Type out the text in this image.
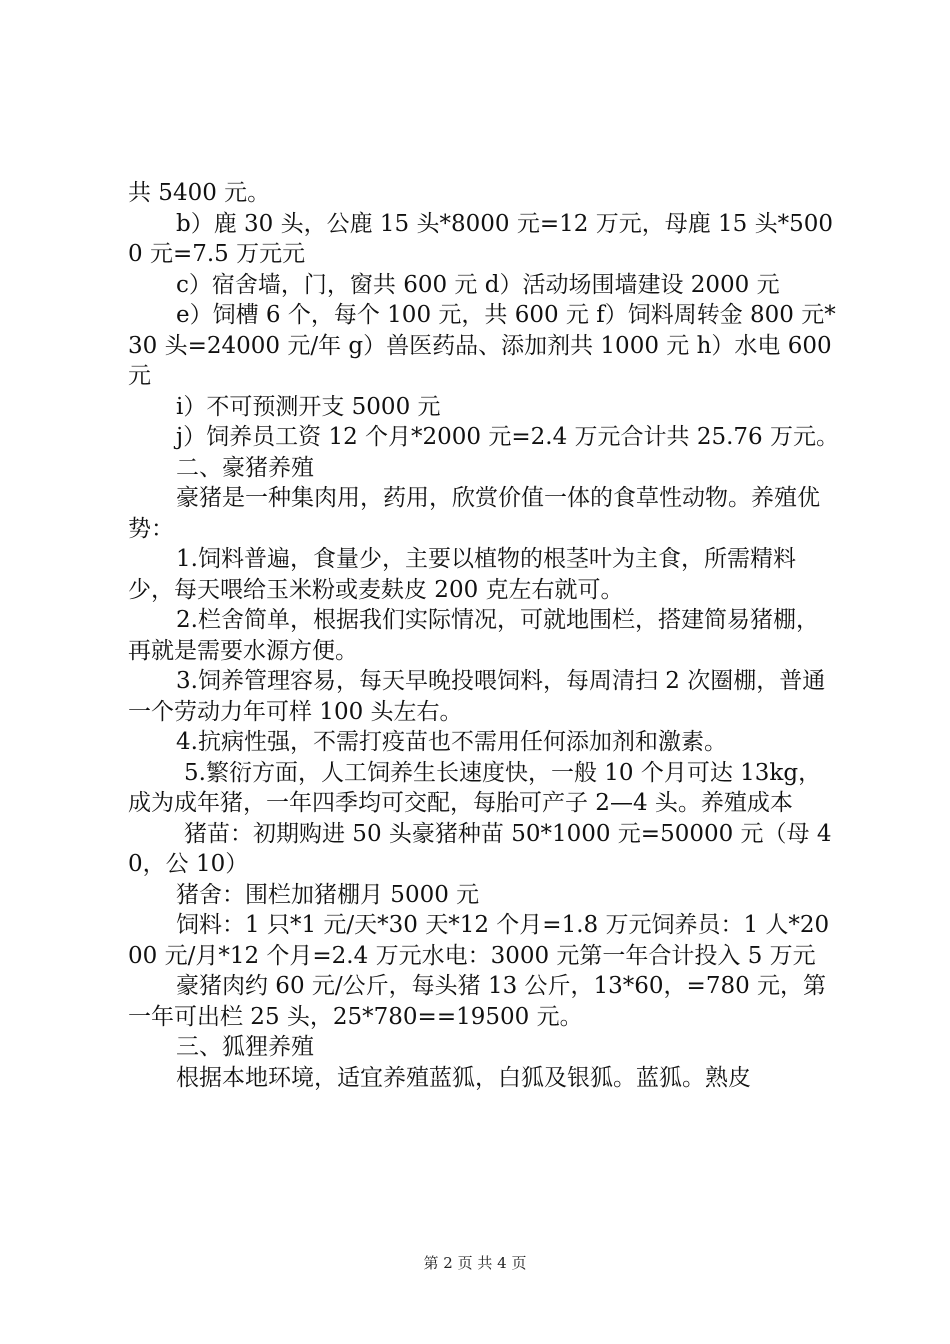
共 5400 元。

b）鹿 30 头，公鹿 15 头*8000 元=12 万元，母鹿 15 头*5000 元=7.5 万元元

c）宿舍墙，门，窗共 600 元 d）活动场围墙建设 2000 元

e）饲槽 6 个，每个 100 元，共 600 元 f）饲料周转金 800 元*30 头=24000 元/年 g）兽医药品、添加剂共 1000 元 h）水电 600 元

i）不可预测开支 5000 元

j）饲养员工资 12 个月*2000 元=2.4 万元合计共 25.76 万元。

二、豪猪养殖

豪猪是一种集肉用，药用，欣赏价值一体的食草性动物。养殖优势：

1.饲料普遍，食量少，主要以植物的根茎叶为主食，所需精料少，每天喂给玉米粉或麦麸皮 200 克左右就可。

2.栏舍简单，根据我们实际情况，可就地围栏，搭建简易猪棚，再就是需要水源方便。

3.饲养管理容易，每天早晚投喂饲料，每周清扫 2 次圈棚，普通一个劳动力年可样 100 头左右。

4.抗病性强，不需打疫苗也不需用任何添加剂和激素。

5.繁衍方面，人工饲养生长速度快，一般 10 个月可达 13kg，成为成年猪，一年四季均可交配，每胎可产子 2—4 头。养殖成本

猪苗：初期购进 50 头豪猪种苗 50*1000 元=50000 元（母 40，公 10）

猪舍：围栏加猪棚月 5000 元

饲料：1 只*1 元/天*30 天*12 个月=1.8 万元饲养员：1 人*2000 元/月*12 个月=2.4 万元水电：3000 元第一年合计投入 5 万元

豪猪肉约 60 元/公斤，每头猪 13 公斤，13*60，=780 元，第一年可出栏 25 头，25*780==19500 元。

三、狐狸养殖

根据本地环境，适宜养殖蓝狐，白狐及银狐。蓝狐。熟皮

第 2 页 共 4 页
